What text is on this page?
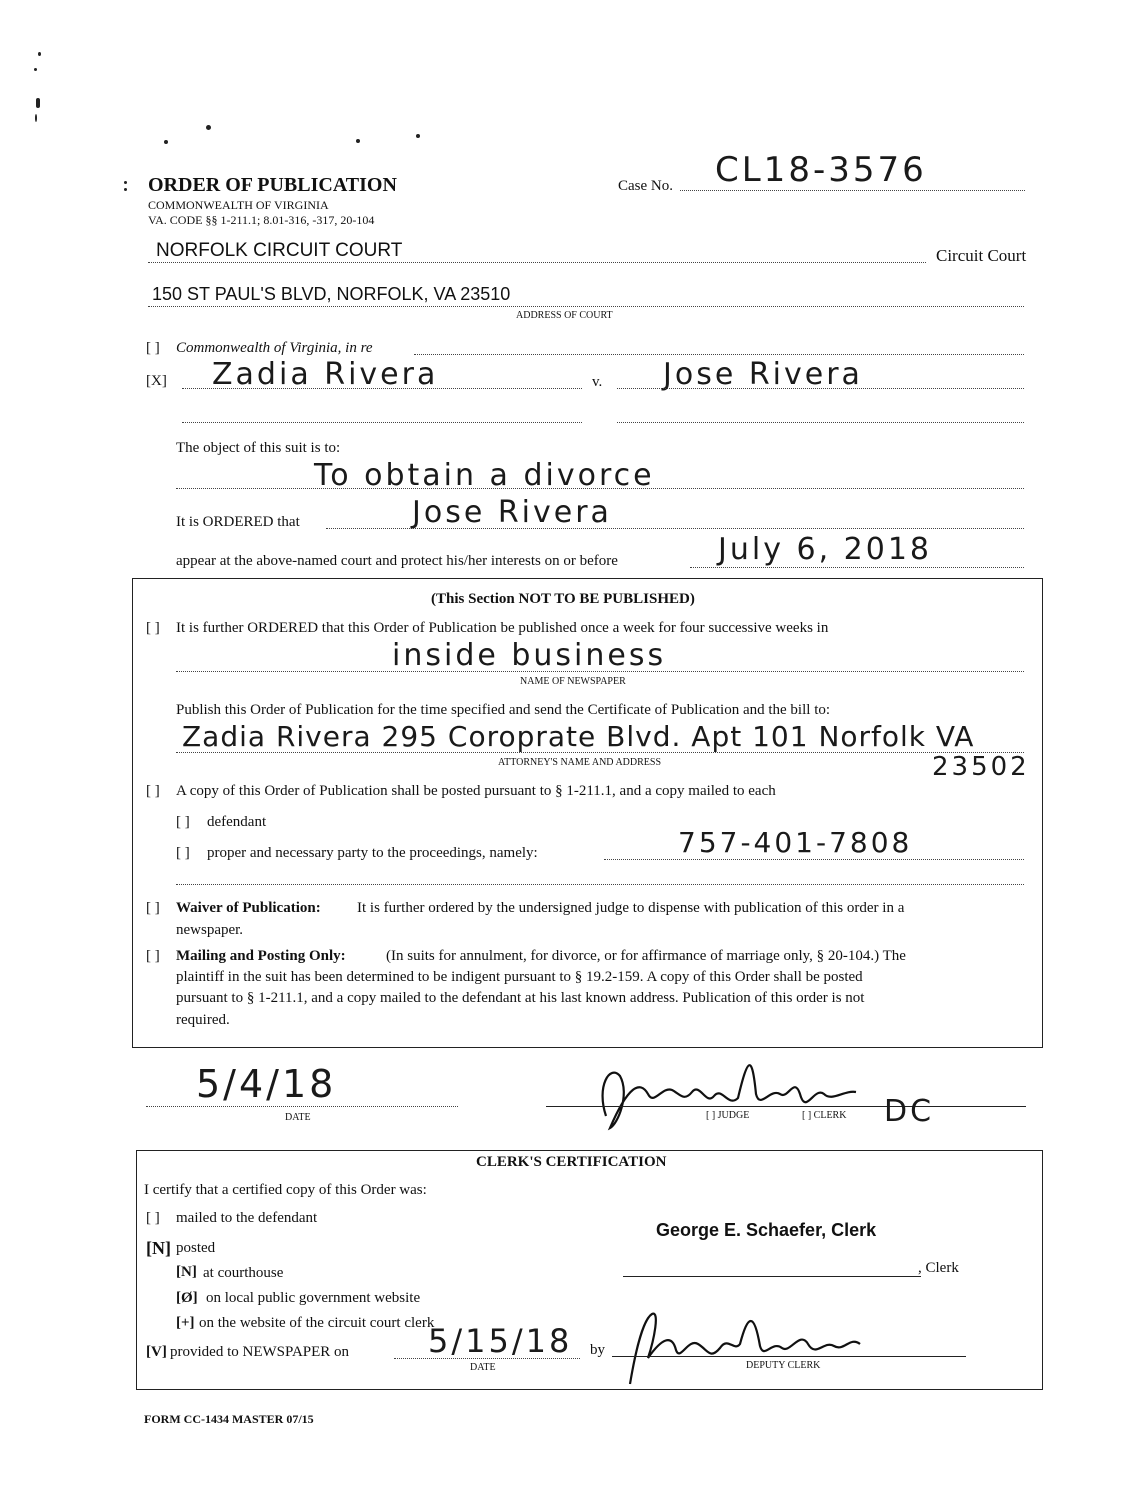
ORDER OF PUBLICATION
COMMONWEALTH OF VIRGINIA
VA. CODE §§ 1-211.1; 8.01-316, -317, 20-104
Case No. CL18-3576
NORFOLK CIRCUIT COURT	Circuit Court
150 ST PAUL'S BLVD, NORFOLK, VA 23510
ADDRESS OF COURT
[ ] Commonwealth of Virginia, in re
[X] Zadia Rivera	v. Jose Rivera
The object of this suit is to:
To obtain a divorce
It is ORDERED that	Jose Rivera
appear at the above-named court and protect his/her interests on or before	July 6, 2018
(This Section NOT TO BE PUBLISHED)
[ ] It is further ORDERED that this Order of Publication be published once a week for four successive weeks in
inside business
NAME OF NEWSPAPER
Publish this Order of Publication for the time specified and send the Certificate of Publication and the bill to:
Zadia Rivera 295 Coroprate Blvd. Apt 101 Norfolk VA
ATTORNEY'S NAME AND ADDRESS	23502
[ ] A copy of this Order of Publication shall be posted pursuant to § 1-211.1, and a copy mailed to each
[ ] defendant
[ ] proper and necessary party to the proceedings, namely:	757-401-7808
[ ] Waiver of Publication: It is further ordered by the undersigned judge to dispense with publication of this order in a
newspaper.
[ ] Mailing and Posting Only:	(In suits for annulment, for divorce, or for affirmance of marriage only, § 20-104.) The
plaintiff in the suit has been determined to be indigent pursuant to § 19.2-159. A copy of this Order shall be posted
pursuant to § 1-211.1, and a copy mailed to the defendant at his last known address. Publication of this order is not
required.
5/4/18
DATE	[ ] JUDGE	[ ] CLERK DC
CLERK'S CERTIFICATION
I certify that a certified copy of this Order was:
[ ] mailed to the defendant
[N] posted
[N] at courthouse
[Ø] on local public government website
[+] on the website of the circuit court clerk
[V] provided to NEWSPAPER on 5/15/18
DATE
by
George E. Schaefer, Clerk
, Clerk
DEPUTY CLERK
FORM CC-1434 MASTER 07/15
